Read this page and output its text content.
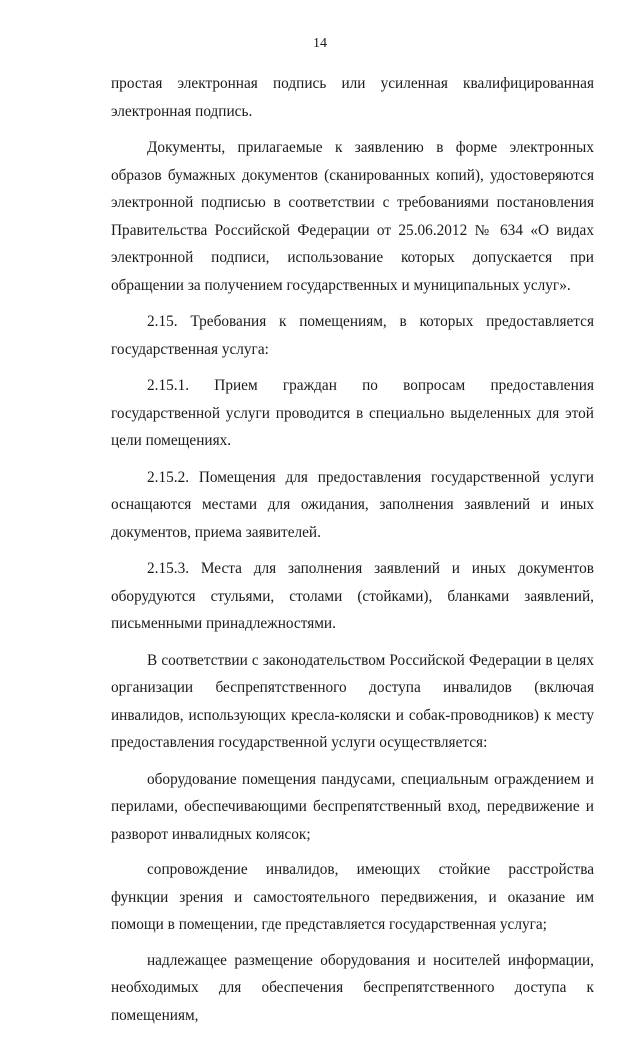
14

простая электронная подпись или усиленная квалифицированная электронная подпись.

Документы, прилагаемые к заявлению в форме электронных образов бумажных документов (сканированных копий), удостоверяются электронной подписью в соответствии с требованиями постановления Правительства Российской Федерации от 25.06.2012 № 634 «О видах электронной подписи, использование которых допускается при обращении за получением государственных и муниципальных услуг».

2.15. Требования к помещениям, в которых предоставляется государственная услуга:

2.15.1. Прием граждан по вопросам предоставления государственной услуги проводится в специально выделенных для этой цели помещениях.

2.15.2. Помещения для предоставления государственной услуги оснащаются местами для ожидания, заполнения заявлений и иных документов, приема заявителей.

2.15.3. Места для заполнения заявлений и иных документов оборудуются стульями, столами (стойками), бланками заявлений, письменными принадлежностями.

В соответствии с законодательством Российской Федерации в целях организации беспрепятственного доступа инвалидов (включая инвалидов, использующих кресла-коляски и собак-проводников) к месту предоставления государственной услуги осуществляется:

оборудование помещения пандусами, специальным ограждением и перилами, обеспечивающими беспрепятственный вход, передвижение и разворот инвалидных колясок;

сопровождение инвалидов, имеющих стойкие расстройства функции зрения и самостоятельного передвижения, и оказание им помощи в помещении, где представляется государственная услуга;

надлежащее размещение оборудования и носителей информации, необходимых для обеспечения беспрепятственного доступа к помещениям,
